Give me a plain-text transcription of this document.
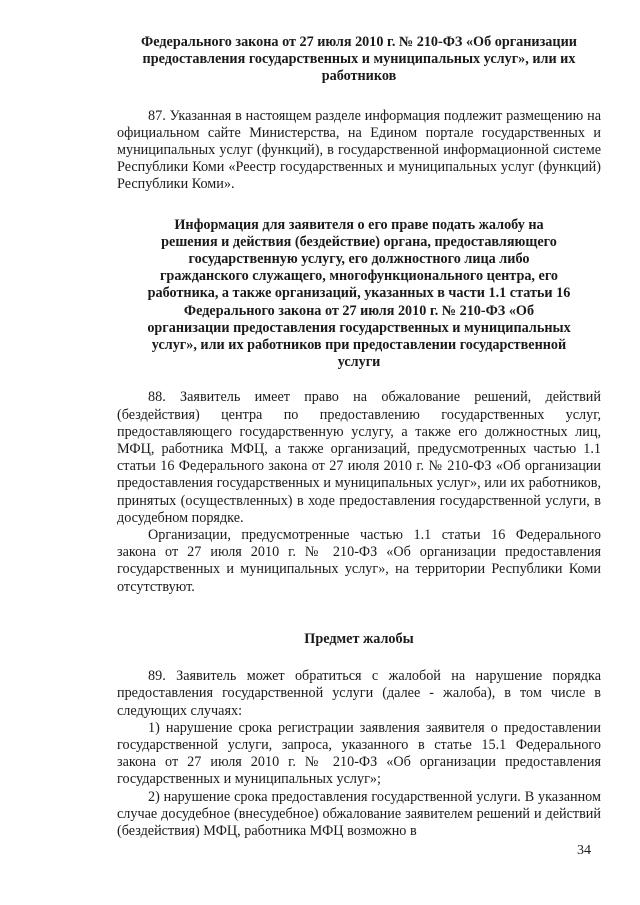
Федерального закона от 27 июля 2010 г. № 210-ФЗ «Об организации предоставления государственных и муниципальных услуг», или их работников

87. Указанная в настоящем разделе информация подлежит размещению на официальном сайте Министерства, на Едином портале государственных и муниципальных услуг (функций), в государственной информационной системе Республики Коми «Реестр государственных и муниципальных услуг (функций) Республики Коми».

Информация для заявителя о его праве подать жалобу на решения и действия (бездействие) органа, предоставляющего государственную услугу, его должностного лица либо гражданского служащего, многофункционального центра, его работника, а также организаций, указанных в части 1.1 статьи 16 Федерального закона от 27 июля 2010 г. № 210-ФЗ «Об организации предоставления государственных и муниципальных услуг», или их работников при предоставлении государственной услуги

88. Заявитель имеет право на обжалование решений, действий (бездействия) центра по предоставлению государственных услуг, предоставляющего государственную услугу, а также его должностных лиц, МФЦ, работника МФЦ, а также организаций, предусмотренных частью 1.1 статьи 16 Федерального закона от 27 июля 2010 г. № 210-ФЗ «Об организации предоставления государственных и муниципальных услуг», или их работников, принятых (осуществленных) в ходе предоставления государственной услуги, в досудебном порядке.

Организации, предусмотренные частью 1.1 статьи 16 Федерального закона от 27 июля 2010 г. № 210-ФЗ «Об организации предоставления государственных и муниципальных услуг», на территории Республики Коми отсутствуют.

Предмет жалобы

89. Заявитель может обратиться с жалобой на нарушение порядка предоставления государственной услуги (далее - жалоба), в том числе в следующих случаях:

1) нарушение срока регистрации заявления заявителя о предоставлении государственной услуги, запроса, указанного в статье 15.1 Федерального закона от 27 июля 2010 г. № 210-ФЗ «Об организации предоставления государственных и муниципальных услуг»;

2) нарушение срока предоставления государственной услуги. В указанном случае досудебное (внесудебное) обжалование заявителем решений и действий (бездействия) МФЦ, работника МФЦ возможно в

34
